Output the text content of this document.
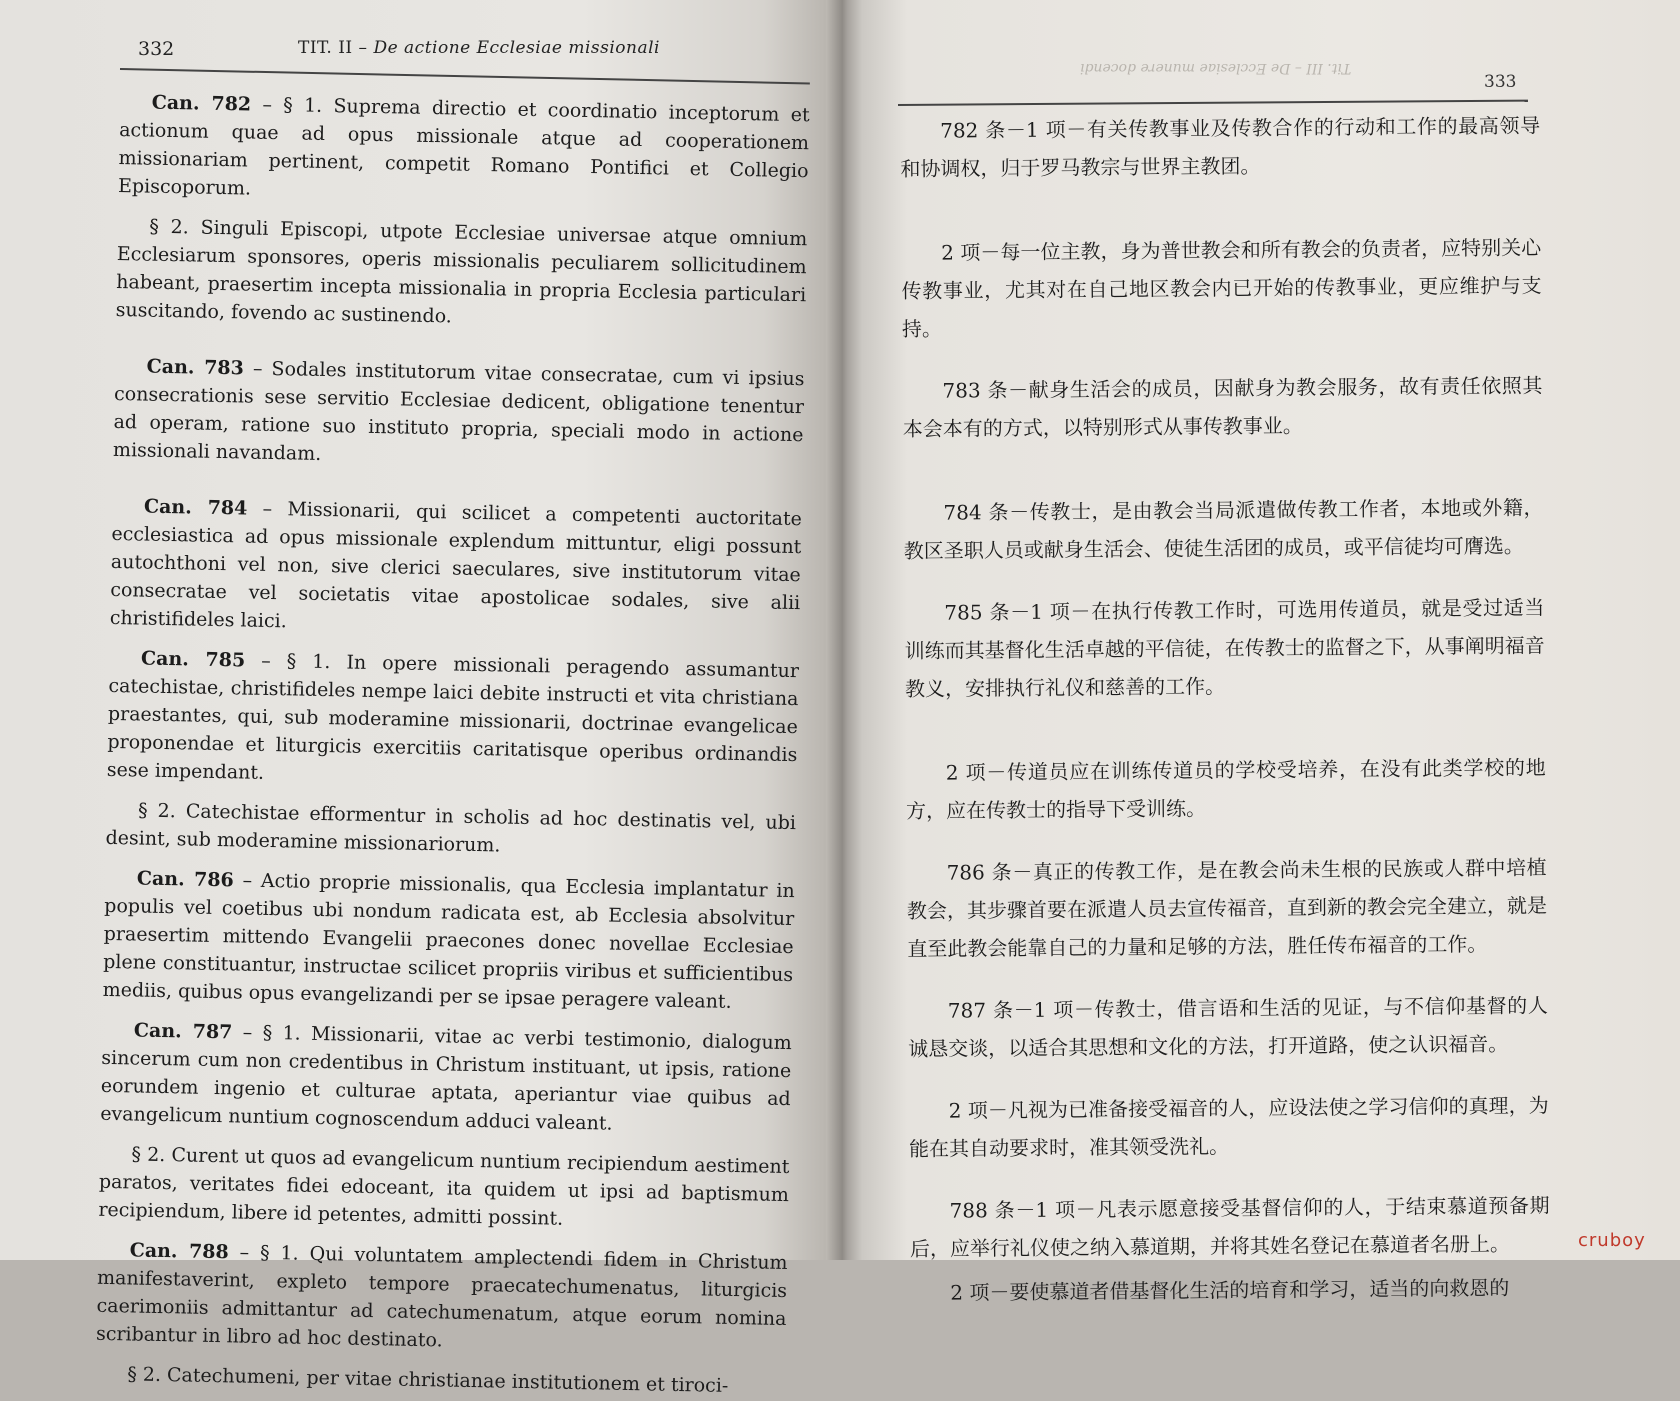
332	TIT. II – De actione Ecclesiae missionali

Can. 782 – § 1. Suprema directio et coordinatio inceptorum et actionum quae ad opus missionale atque ad cooperationem missionariam pertinent, competit Romano Pontifici et Collegio Episcoporum.

§ 2. Singuli Episcopi, utpote Ecclesiae universae atque omnium Ecclesiarum sponsores, operis missionalis peculiarem sollicitudinem habeant, praesertim incepta missionalia in propria Ecclesia particulari suscitando, fovendo ac sustinendo.

Can. 783 – Sodales institutorum vitae consecratae, cum vi ipsius consecrationis sese servitio Ecclesiae dedicent, obligatione tenentur ad operam, ratione suo instituto propria, speciali modo in actione missionali navandam.

Can. 784 – Missionarii, qui scilicet a competenti auctoritate ecclesiastica ad opus missionale explendum mittuntur, eligi possunt autochthoni vel non, sive clerici saeculares, sive institutorum vitae consecratae vel societatis vitae apostolicae sodales, sive alii christifideles laici.

Can. 785 – § 1. In opere missionali peragendo assumantur catechistae, christifideles nempe laici debite instructi et vita christiana praestantes, qui, sub moderamine missionarii, doctrinae evangelicae proponendae et liturgicis exercitiis caritatisque operibus ordinandis sese impendant.

§ 2. Catechistae efformentur in scholis ad hoc destinatis vel, ubi desint, sub moderamine missionariorum.

Can. 786 – Actio proprie missionalis, qua Ecclesia implantatur in populis vel coetibus ubi nondum radicata est, ab Ecclesia absolvitur praesertim mittendo Evangelii praecones donec novellae Ecclesiae plene constituantur, instructae scilicet propriis viribus et sufficientibus mediis, quibus opus evangelizandi per se ipsae peragere valeant.

Can. 787 – § 1. Missionarii, vitae ac verbi testimonio, dialogum sincerum cum non credentibus in Christum instituant, ut ipsis, ratione eorundem ingenio et culturae aptata, aperiantur viae quibus ad evangelicum nuntium cognoscendum adduci valeant.

§ 2. Curent ut quos ad evangelicum nuntium recipiendum aestiment paratos, veritates fidei edoceant, ita quidem ut ipsi ad baptismum recipiendum, libere id petentes, admitti possint.

Can. 788 – § 1. Qui voluntatem amplectendi fidem in Christum manifestaverint, expleto tempore praecatechumenatus, liturgicis caerimoniis admittantur ad catechumenatum, atque eorum nomina scribantur in libro ad hoc destinato.

§ 2. Catechumeni, per vitae christianae institutionem et tiroci-

Tit. III – De Ecclesiae munere docendi
333

782 条－1 项－有关传教事业及传教合作的行动和工作的最高领导和协调权，归于罗马教宗与世界主教团。

2 项－每一位主教，身为普世教会和所有教会的负责者，应特别关心传教事业，尤其对在自己地区教会内已开始的传教事业，更应维护与支持。

783 条－献身生活会的成员，因献身为教会服务，故有责任依照其本会本有的方式，以特别形式从事传教事业。

784 条－传教士，是由教会当局派遣做传教工作者，本地或外籍，教区圣职人员或献身生活会、使徒生活团的成员，或平信徒均可膺选。

785 条－1 项－在执行传教工作时，可选用传道员，就是受过适当训练而其基督化生活卓越的平信徒，在传教士的监督之下，从事阐明福音教义，安排执行礼仪和慈善的工作。

2 项－传道员应在训练传道员的学校受培养，在没有此类学校的地方，应在传教士的指导下受训练。

786 条－真正的传教工作，是在教会尚未生根的民族或人群中培植教会，其步骤首要在派遣人员去宣传福音，直到新的教会完全建立，就是直至此教会能靠自己的力量和足够的方法，胜任传布福音的工作。

787 条－1 项－传教士，借言语和生活的见证，与不信仰基督的人诚恳交谈，以适合其思想和文化的方法，打开道路，使之认识福音。

2 项－凡视为已准备接受福音的人，应设法使之学习信仰的真理，为能在其自动要求时，准其领受洗礼。

788 条－1 项－凡表示愿意接受基督信仰的人，于结束慕道预备期后，应举行礼仪使之纳入慕道期，并将其姓名登记在慕道者名册上。

2 项－要使慕道者借基督化生活的培育和学习，适当的向救恩的

cruboy
